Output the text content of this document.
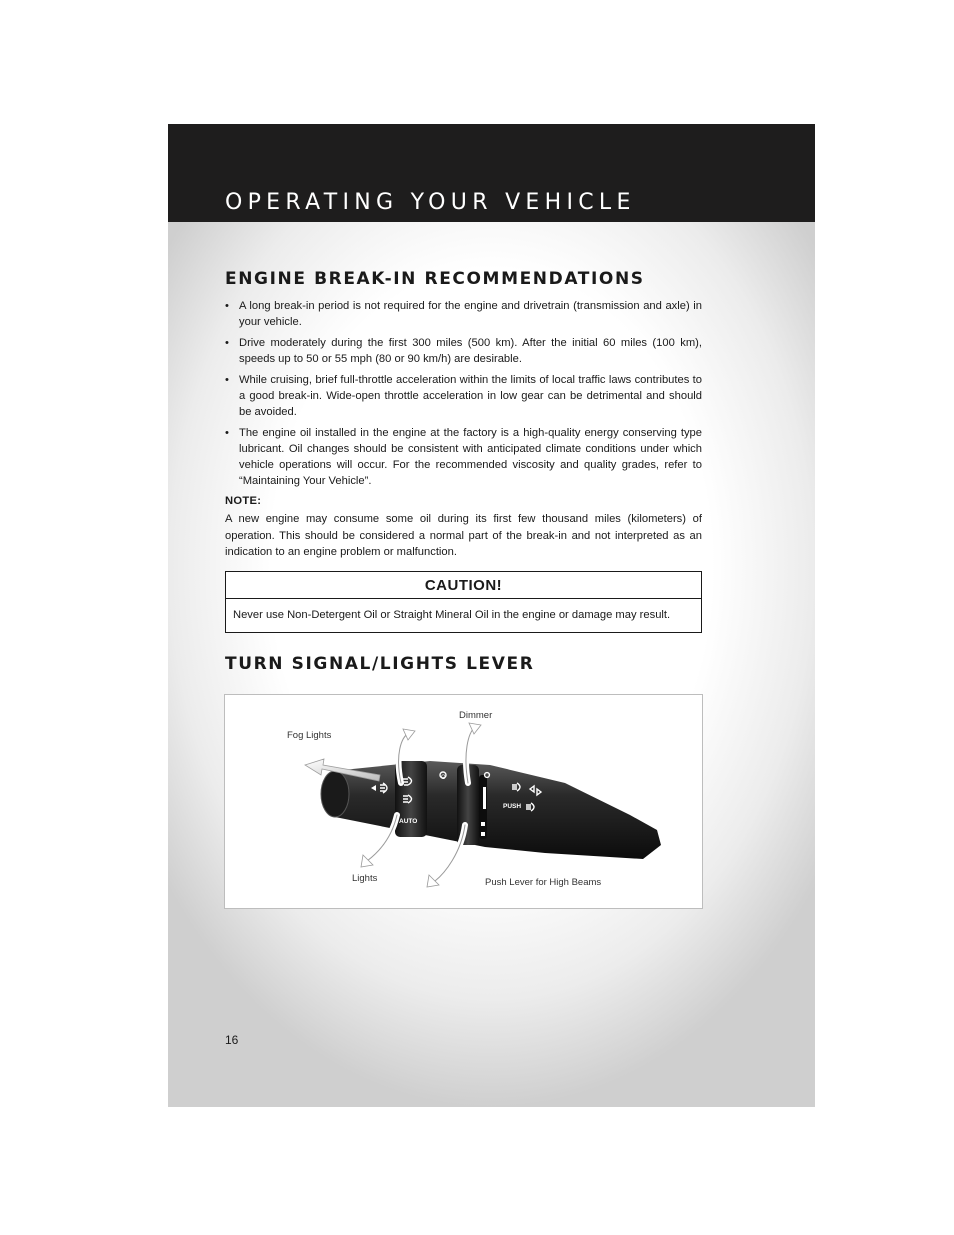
OPERATING YOUR VEHICLE
ENGINE BREAK-IN RECOMMENDATIONS
• A long break-in period is not required for the engine and drivetrain (transmission and axle) in your vehicle.
• Drive moderately during the first 300 miles (500 km). After the initial 60 miles (100 km), speeds up to 50 or 55 mph (80 or 90 km/h) are desirable.
• While cruising, brief full-throttle acceleration within the limits of local traffic laws contributes to a good break-in. Wide-open throttle acceleration in low gear can be detrimental and should be avoided.
• The engine oil installed in the engine at the factory is a high-quality energy conserving type lubricant. Oil changes should be consistent with anticipated climate conditions under which vehicle operations will occur. For the recommended viscosity and quality grades, refer to “Maintaining Your Vehicle”.

NOTE:

A new engine may consume some oil during its first few thousand miles (kilometers) of operation. This should be considered a normal part of the break-in and not interpreted as an indication to an engine problem or malfunction.

CAUTION!
Never use Non-Detergent Oil or Straight Mineral Oil in the engine or damage may result.
TURN SIGNAL/LIGHTS LEVER
AUTO
PUSH
O
Dimmer
Fog Lights
Lights	Push Lever for High Beams

16
